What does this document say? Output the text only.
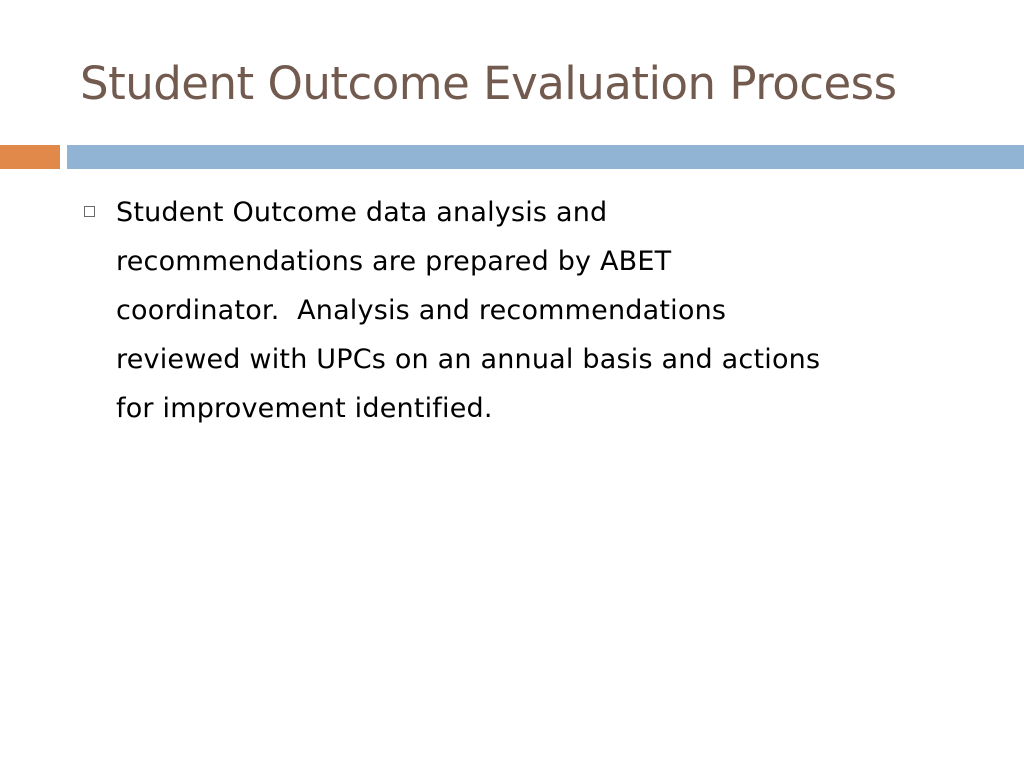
Student Outcome Evaluation Process
Student Outcome data analysis and
recommendations are prepared by ABET
coordinator.  Analysis and recommendations
reviewed with UPCs on an annual basis and actions
for improvement identified.
